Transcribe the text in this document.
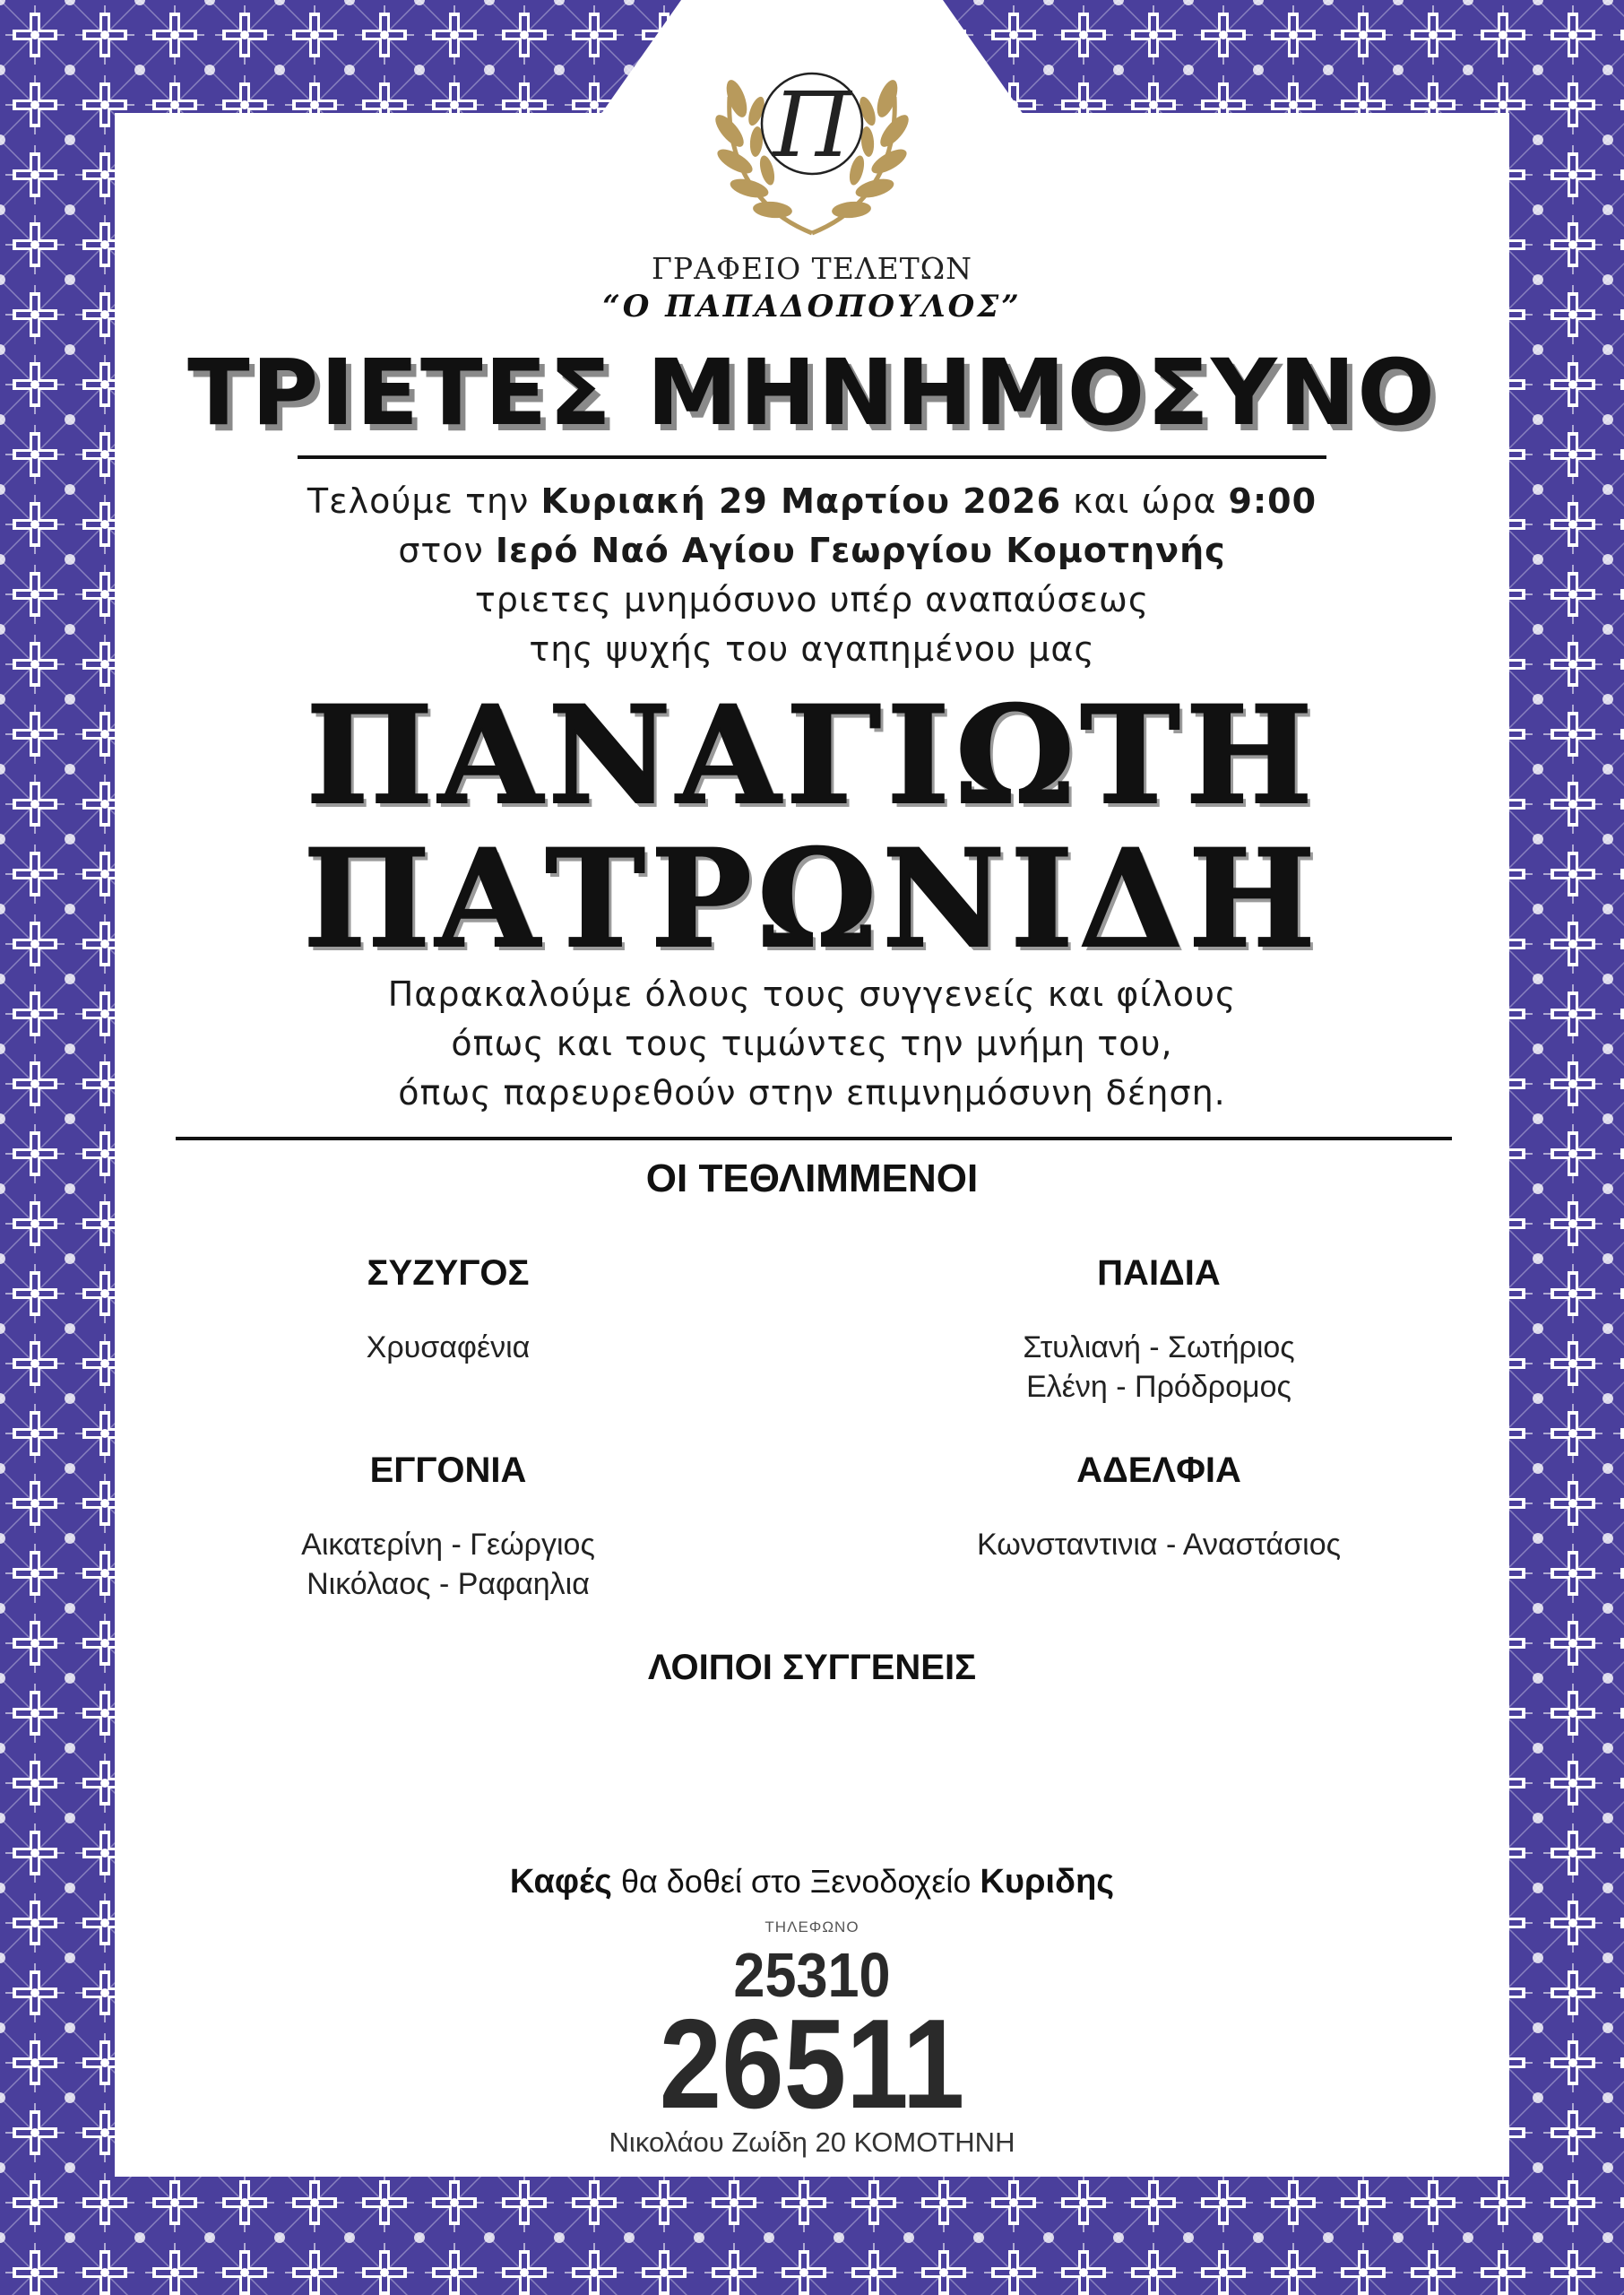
Π
ΓΡΑΦΕΙΟ ΤΕΛΕΤΩΝ
“Ο ΠΑΠΑΔΟΠΟΥΛΟΣ”
ΤΡΙΕΤΕΣ ΜΗΝΗΜΟΣΥΝΟ
Τελούμε την Κυριακή 29 Μαρτίου 2026 και ώρα 9:00
στον Ιερό Ναό Αγίου Γεωργίου Κομοτηνής
τριετες μνημόσυνο υπέρ αναπαύσεως
της ψυχής του αγαπημένου μας
ΠΑΝΑΓΙΩΤΗ
ΠΑΤΡΩΝΙΔΗ
Παρακαλούμε όλους τους συγγενείς και φίλους
όπως και τους τιμώντες την μνήμη του,
όπως παρευρεθούν στην επιμνημόσυνη δέηση.
ΟΙ ΤΕΘΛΙΜΜΕΝΟΙ
ΣΥΖΥΓΟΣ
Χρυσαφένια
ΠΑΙΔΙΑ
Στυλιανή - Σωτήριος
Ελένη - Πρόδρομος
ΕΓΓΟΝΙΑ
Αικατερίνη - Γεώργιος
Νικόλαος - Ραφαηλια
ΑΔΕΛΦΙΑ
Κωνσταντινια - Αναστάσιος
ΛΟΙΠΟΙ ΣΥΓΓΕΝΕΙΣ
Καφές θα δοθεί στο Ξενοδοχείο Κυριδης
ΤΗΛΕΦΩΝΟ
25310
26511
Νικολάου Ζωίδη 20 ΚΟΜΟΤΗΝΗ
